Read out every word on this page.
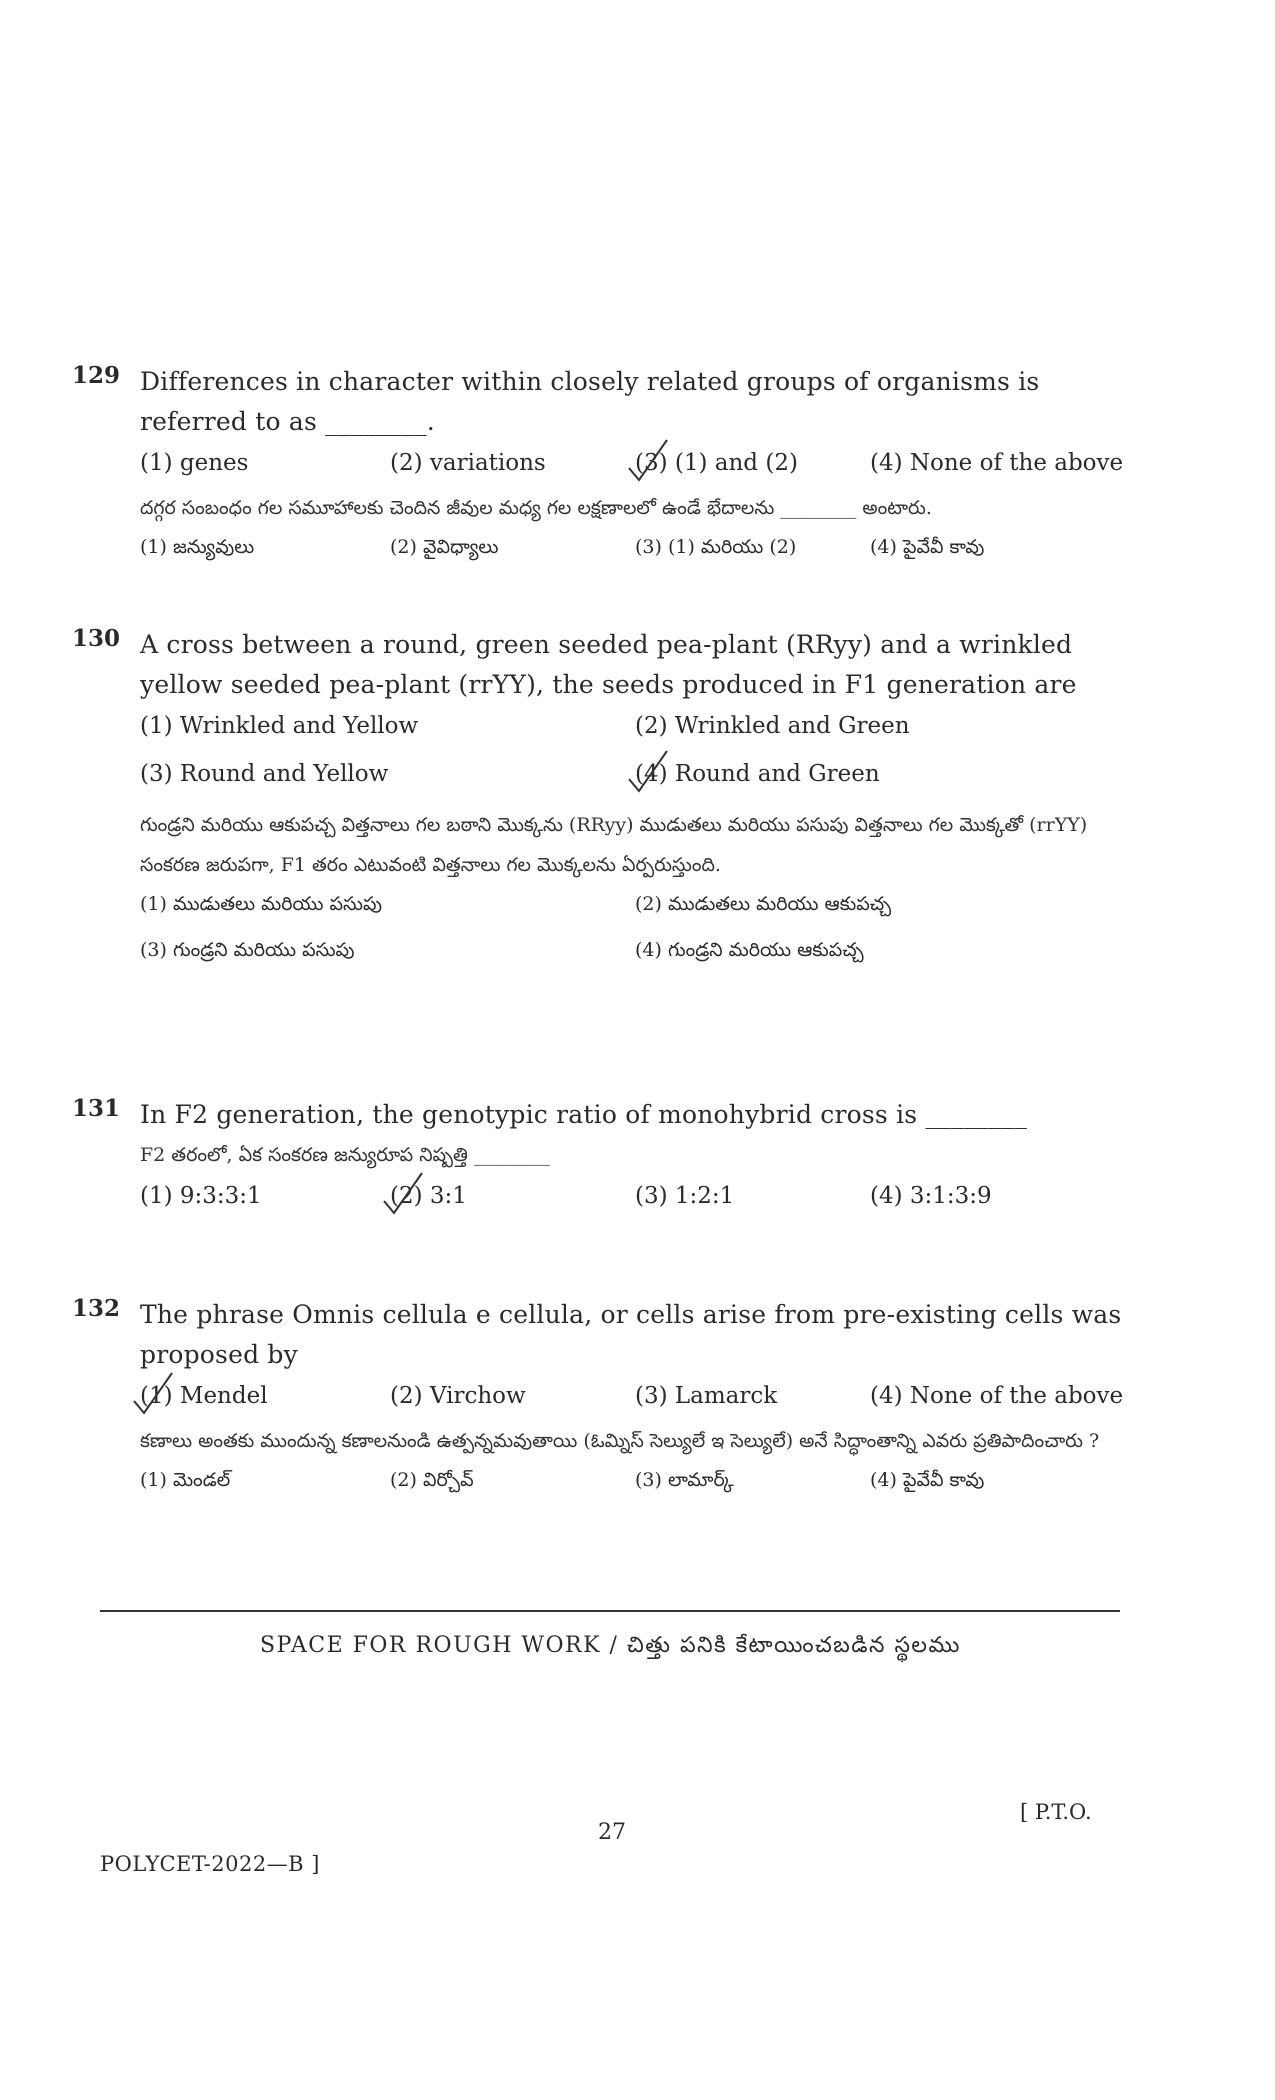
129 Differences in character within closely related groups of organisms is referred to as ________.
(1) genes	(2) variations	(3) (1) and (2)	(4) None of the above
దగ్గర సంబంధం గల సమూహాలకు చెందిన జీవుల మధ్య గల లక్షణాలలో ఉండే భేదాలను ________ అంటారు.
(1) జన్యువులు	(2) వైవిధ్యాలు	(3) (1) మరియు (2)	(4) పైవేవీ కావు
130 A cross between a round, green seeded pea-plant (RRyy) and a wrinkled yellow seeded pea-plant (rrYY), the seeds produced in F1 generation are
(1) Wrinkled and Yellow	(2) Wrinkled and Green
(3) Round and Yellow	(4) Round and Green
గుండ్రని మరియు ఆకుపచ్చ విత్తనాలు గల బఠాని మొక్కను (RRyy) ముడుతలు మరియు పసుపు విత్తనాలు గల మొక్కతో (rrYY) సంకరణ జరుపగా, F1 తరం ఎటువంటి విత్తనాలు గల మొక్కలను ఏర్పరుస్తుంది.
(1) ముడుతలు మరియు పసుపు	(2) ముడుతలు మరియు ఆకుపచ్చ
(3) గుండ్రని మరియు పసుపు	(4) గుండ్రని మరియు ఆకుపచ్చ
131 In F2 generation, the genotypic ratio of monohybrid cross is ________
F2 తరంలో, ఏక సంకరణ జన్యురూప నిష్పత్తి ________
(1) 9:3:3:1	(2) 3:1	(3) 1:2:1	(4) 3:1:3:9
132 The phrase Omnis cellula e cellula, or cells arise from pre-existing cells was proposed by
(1) Mendel	(2) Virchow	(3) Lamarck	(4) None of the above
కణాలు అంతకు ముందున్న కణాలనుండి ఉత్పన్నమవుతాయి (ఓమ్నిస్ సెల్యులే ఇ సెల్యులే) అనే సిద్ధాంతాన్ని ఎవరు ప్రతిపాదించారు ?
(1) మెండల్	(2) విర్చోవ్	(3) లామార్క్	(4) పైవేవీ కావు
SPACE FOR ROUGH WORK / చిత్తు పనికి కేటాయించబడిన స్థలము
[ P.T.O.
27
POLYCET-2022—B ]
